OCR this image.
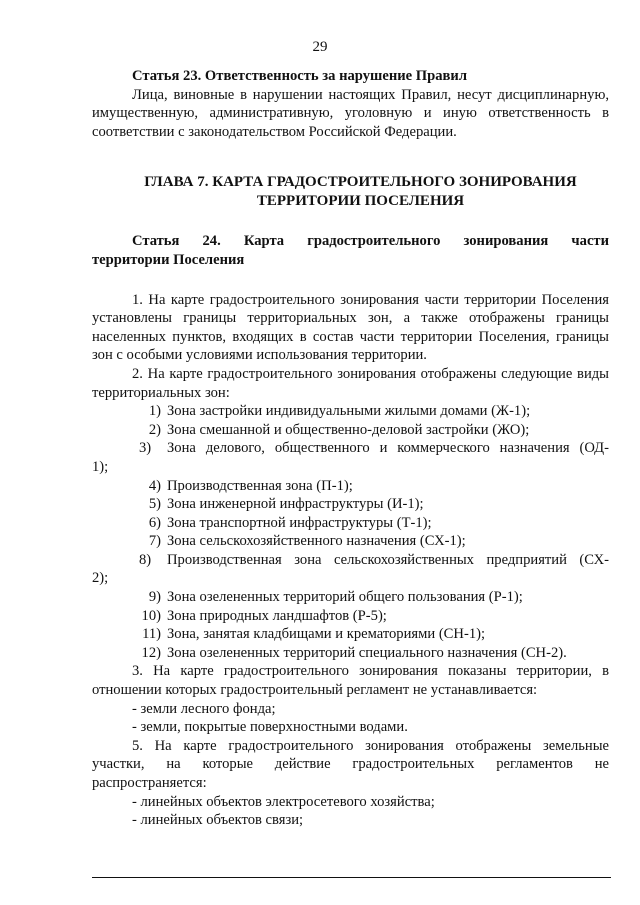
29

Статья 23. Ответственность за нарушение Правил

Лица, виновные в нарушении настоящих Правил, несут дисциплинарную, имущественную, административную, уголовную и иную ответственность в соответствии с законодательством Российской Федерации.

ГЛАВА 7. КАРТА ГРАДОСТРОИТЕЛЬНОГО ЗОНИРОВАНИЯ
ТЕРРИТОРИИ ПОСЕЛЕНИЯ

Статья 24. Карта градостроительного зонирования части

территории Поселения

1. На карте градостроительного зонирования части территории Поселения установлены границы территориальных зон, а также отображены границы населенных пунктов, входящих в состав части территории Поселения, границы зон с особыми условиями использования территории.

2. На карте градостроительного зонирования отображены следующие виды территориальных зон:

1) Зона застройки индивидуальными жилыми домами (Ж-1);

2) Зона смешанной и общественно-деловой застройки (ЖО);

3) Зона делового, общественного и коммерческого назначения (ОД-

1);

4) Производственная зона (П-1);

5) Зона инженерной инфраструктуры (И-1);

6) Зона транспортной инфраструктуры (Т-1);

7) Зона сельскохозяйственного назначения (СХ-1);

8) Производственная зона сельскохозяйственных предприятий (СХ-

2);

9) Зона озелененных территорий общего пользования (Р-1);

10) Зона природных ландшафтов (Р-5);

11) Зона, занятая кладбищами и крематориями (СН-1);

12) Зона озелененных территорий специального назначения (СН-2).

3. На карте градостроительного зонирования показаны территории, в отношении которых градостроительный регламент не устанавливается:

- земли лесного фонда;

- земли, покрытые поверхностными водами.

5. На карте градостроительного зонирования отображены земельные участки, на которые действие градостроительных регламентов не распространяется:

- линейных объектов электросетевого хозяйства;

- линейных объектов связи;
